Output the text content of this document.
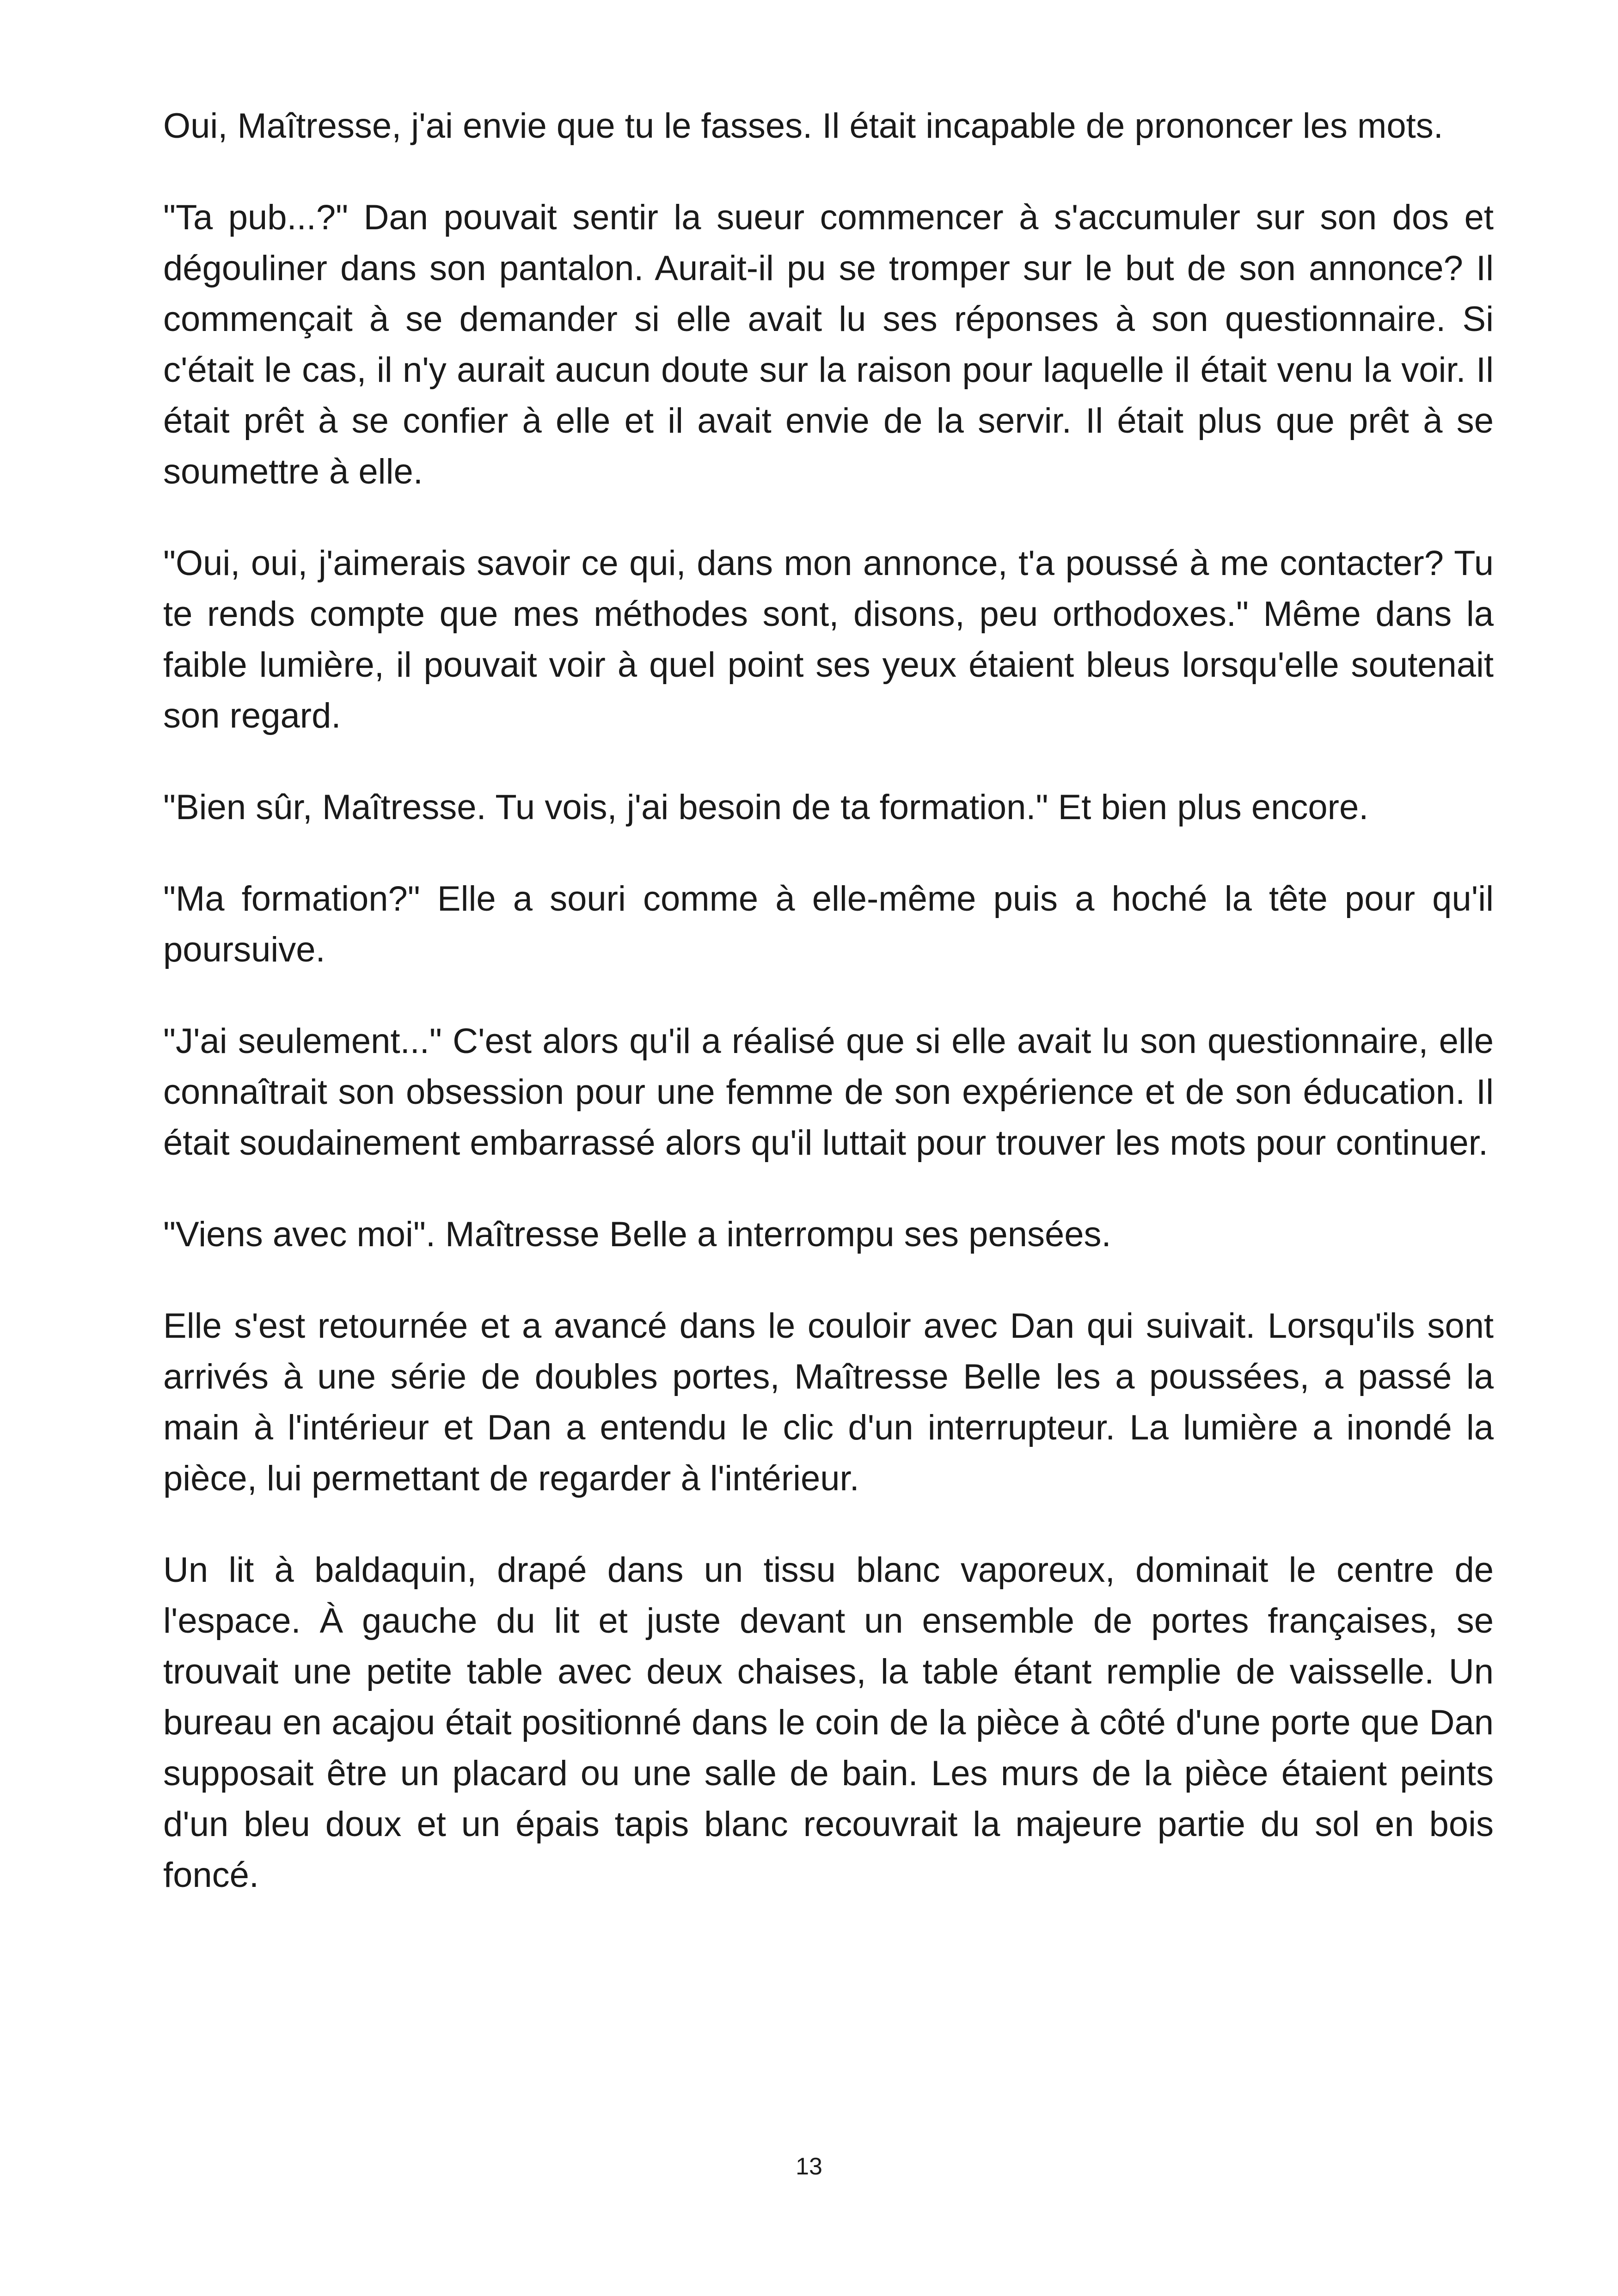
Oui, Maîtresse, j'ai envie que tu le fasses. Il était incapable de prononcer les mots.

"Ta pub...?" Dan pouvait sentir la sueur commencer à s'accumuler sur son dos et dégouliner dans son pantalon. Aurait-il pu se tromper sur le but de son annonce? Il commençait à se demander si elle avait lu ses réponses à son questionnaire. Si c'était le cas, il n'y aurait aucun doute sur la raison pour laquelle il était venu la voir. Il était prêt à se confier à elle et il avait envie de la servir. Il était plus que prêt à se soumettre à elle.

"Oui, oui, j'aimerais savoir ce qui, dans mon annonce, t'a poussé à me contacter? Tu te rends compte que mes méthodes sont, disons, peu orthodoxes." Même dans la faible lumière, il pouvait voir à quel point ses yeux étaient bleus lorsqu'elle soutenait son regard.

"Bien sûr, Maîtresse. Tu vois, j'ai besoin de ta formation." Et bien plus encore.

"Ma formation?" Elle a souri comme à elle-même puis a hoché la tête pour qu'il poursuive.

"J'ai seulement..." C'est alors qu'il a réalisé que si elle avait lu son questionnaire, elle connaîtrait son obsession pour une femme de son expérience et de son éducation. Il était soudainement embarrassé alors qu'il luttait pour trouver les mots pour continuer.

"Viens avec moi". Maîtresse Belle a interrompu ses pensées.

Elle s'est retournée et a avancé dans le couloir avec Dan qui suivait. Lorsqu'ils sont arrivés à une série de doubles portes, Maîtresse Belle les a poussées, a passé la main à l'intérieur et Dan a entendu le clic d'un interrupteur. La lumière a inondé la pièce, lui permettant de regarder à l'intérieur.

Un lit à baldaquin, drapé dans un tissu blanc vaporeux, dominait le centre de l'espace. À gauche du lit et juste devant un ensemble de portes françaises, se trouvait une petite table avec deux chaises, la table étant remplie de vaisselle. Un bureau en acajou était positionné dans le coin de la pièce à côté d'une porte que Dan supposait être un placard ou une salle de bain. Les murs de la pièce étaient peints d'un bleu doux et un épais tapis blanc recouvrait la majeure partie du sol en bois foncé.

13
